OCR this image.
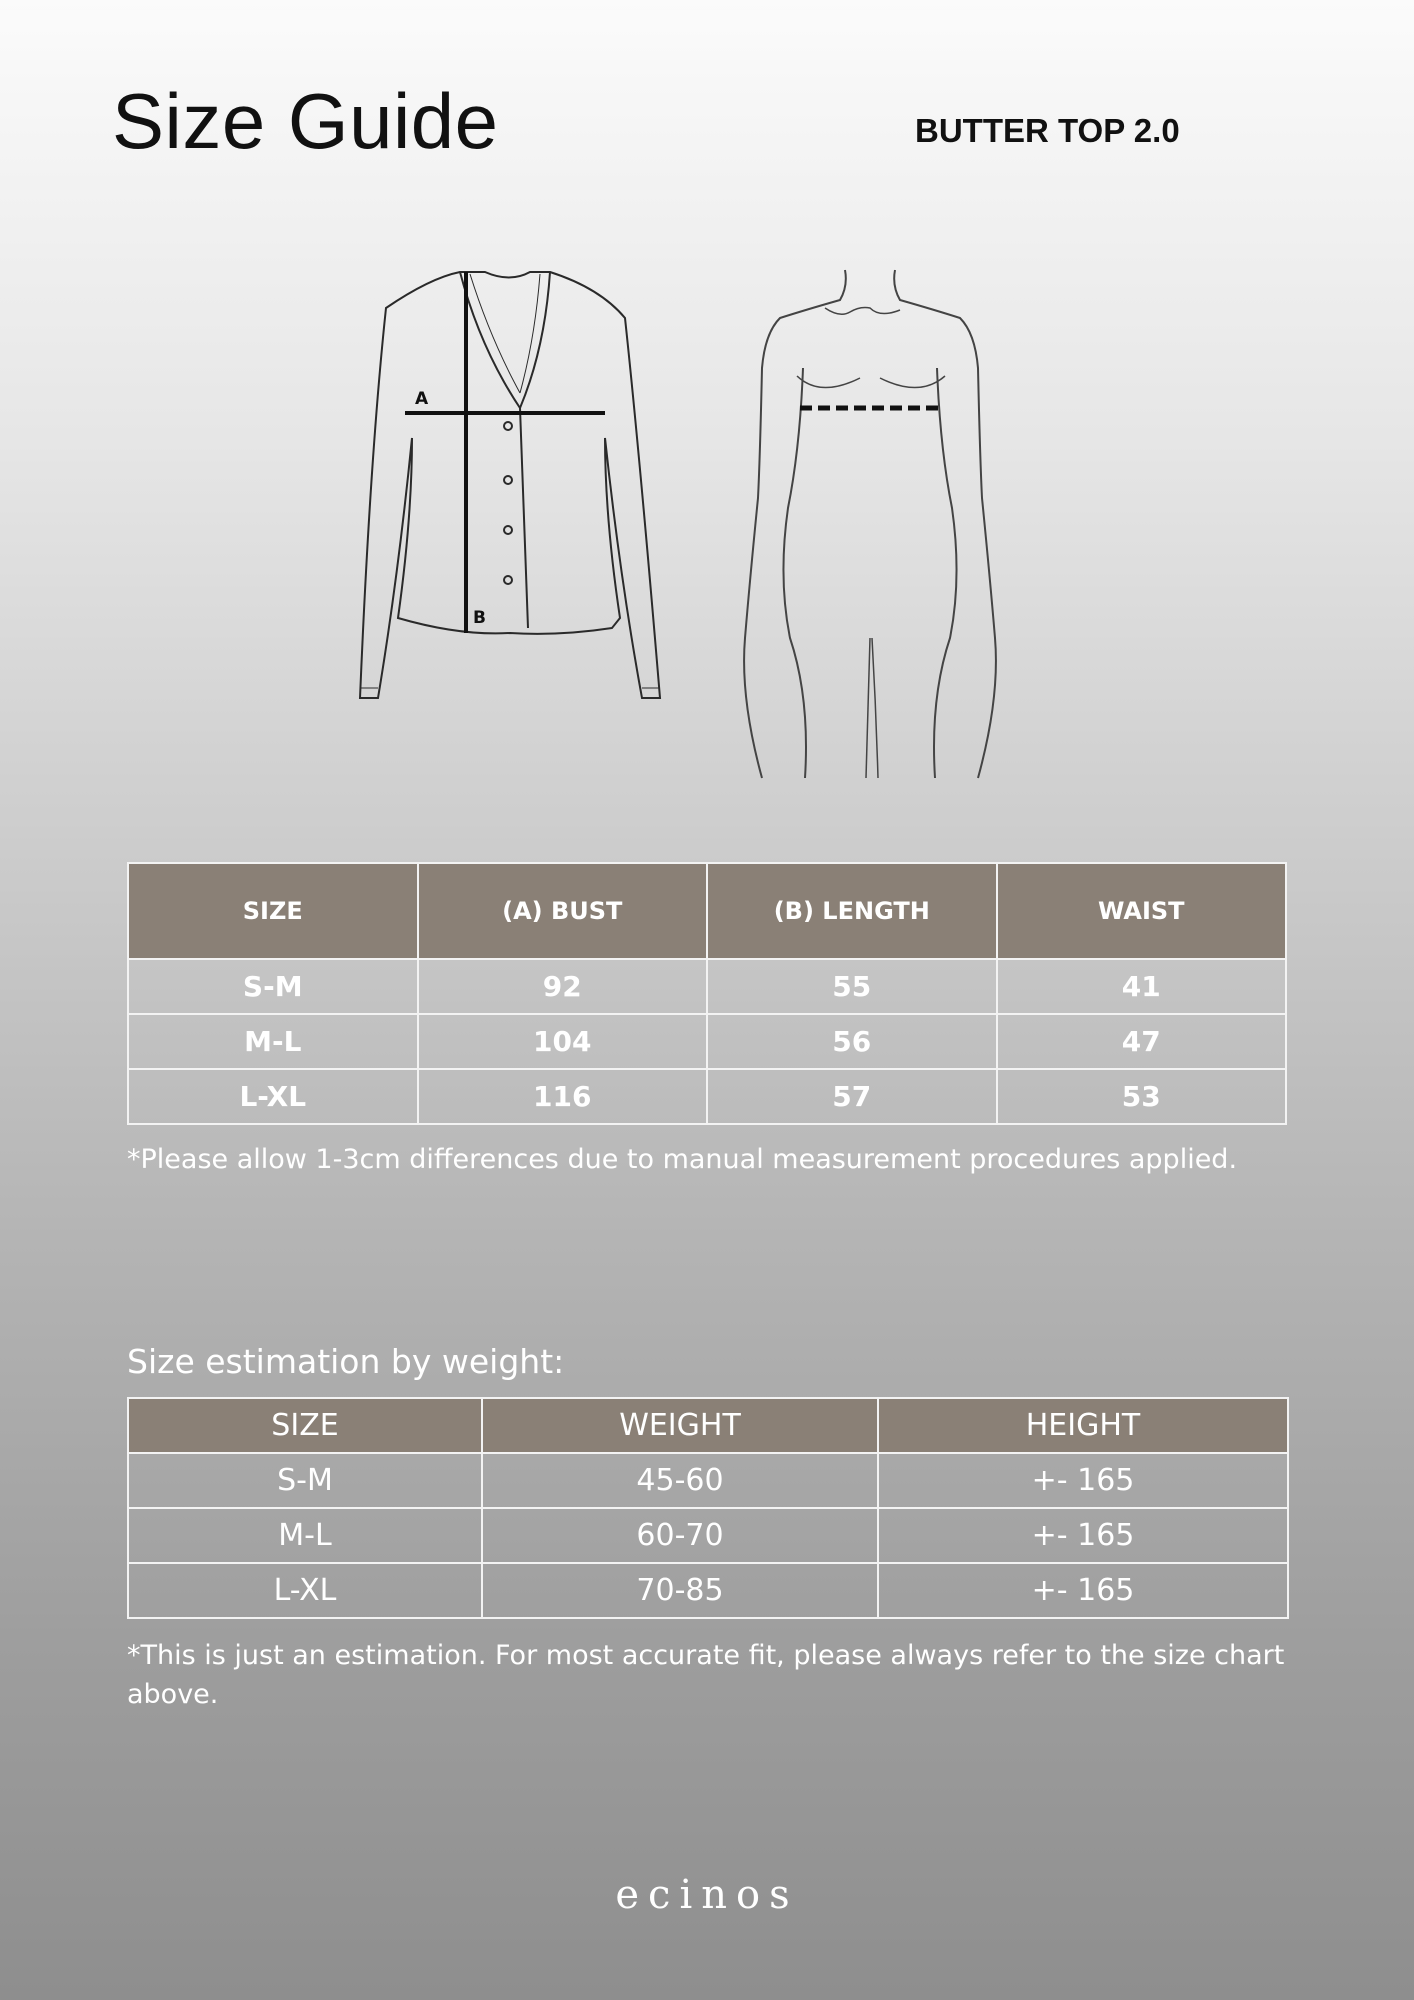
Size Guide	BUTTER TOP 2.0
A
B
SIZE	(A) BUST	(B) LENGTH	WAIST
S-M	92	55	41
M-L	104	56	47
L-XL	116	57	53

*Please allow 1-3cm differences due to manual measurement procedures applied.

Size estimation by weight:
SIZE	WEIGHT	HEIGHT
S-M	45-60	+- 165
M-L	60-70	+- 165
L-XL	70-85	+- 165

*This is just an estimation. For most accurate fit, please always refer to the size chart above.

ecinos
